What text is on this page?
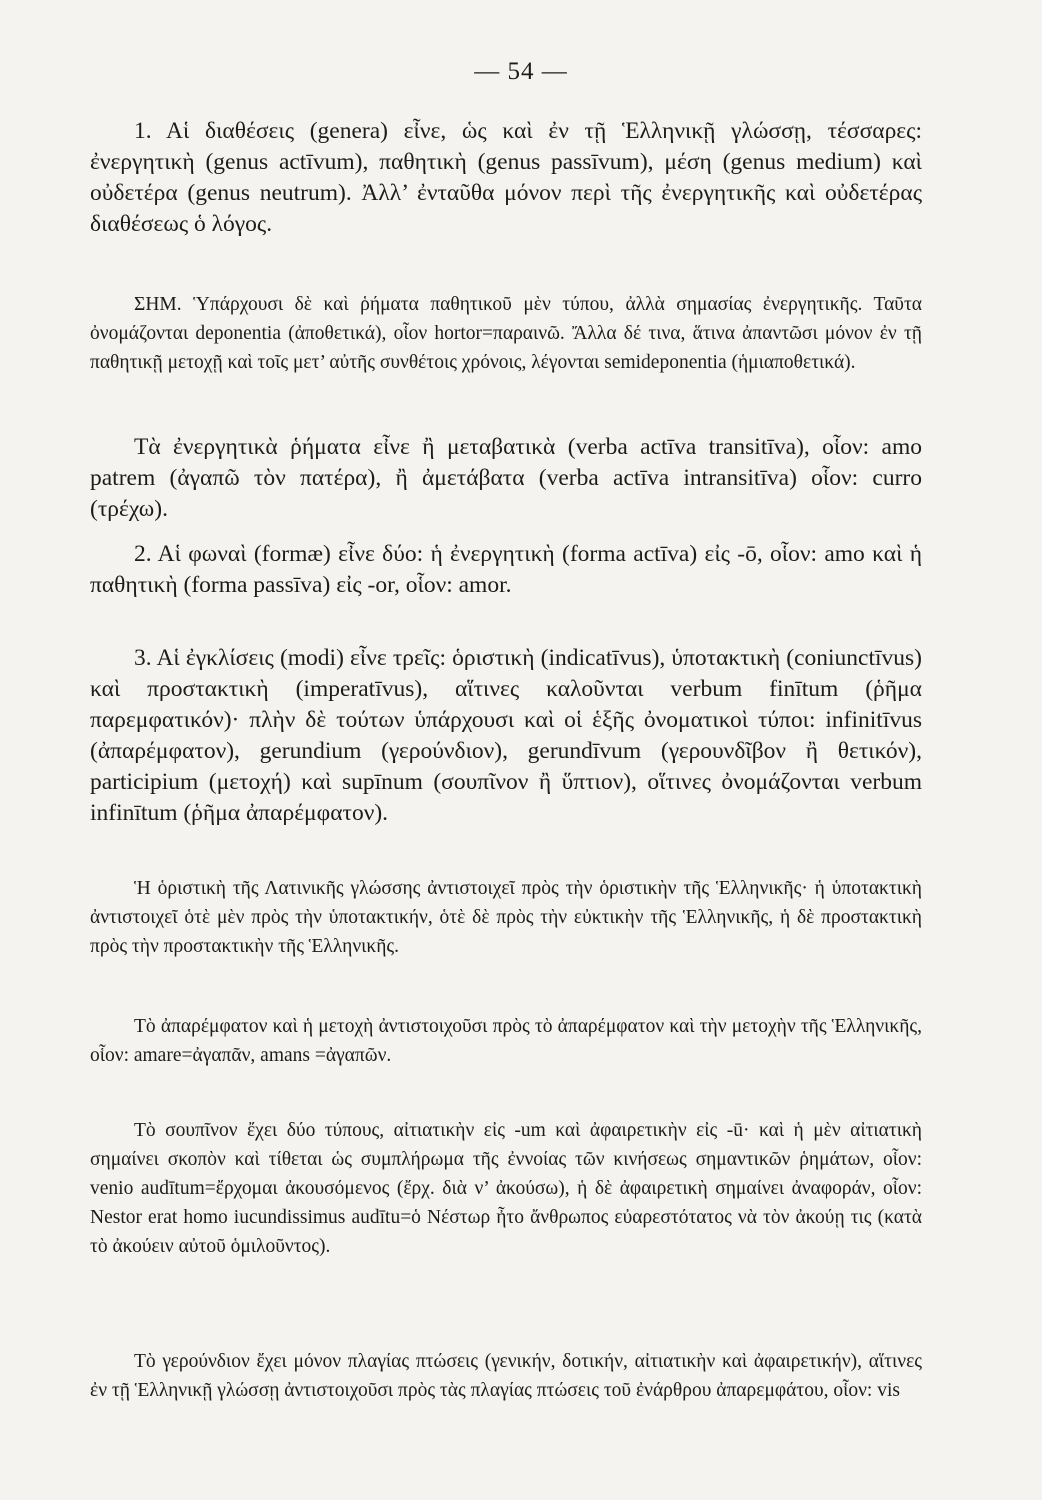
— 54 —

1. Αἱ διαθέσεις (genera) εἶνε, ὡς καὶ ἐν τῇ Ἑλληνικῇ γλώσσῃ, τέσσαρες: ἐνεργητικὴ (genus actīvum), παθητικὴ (genus passīvum), μέση (genus medium) καὶ οὐδετέρα (genus neutrum). Ἀλλ’ ἐνταῦθα μόνον περὶ τῆς ἐνεργητικῆς καὶ οὐδετέρας διαθέσεως ὁ λόγος.

ΣΗΜ. Ὑπάρχουσι δὲ καὶ ῥήματα παθητικοῦ μὲν τύπου, ἀλλὰ σημασίας ἐνεργητικῆς. Ταῦτα ὀνομάζονται deponentia (ἀποθετικά), οἷον hortor=παραινῶ. Ἄλλα δέ τινα, ἅτινα ἀπαντῶσι μόνον ἐν τῇ παθητικῇ μετοχῇ καὶ τοῖς μετ’ αὐτῆς συνθέτοις χρόνοις, λέγονται semideponentia (ἡμιαποθετικά).

Τὰ ἐνεργητικὰ ῥήματα εἶνε ἢ μεταβατικὰ (verba actīva transitīva), οἷον: amo patrem (ἀγαπῶ τὸν πατέρα), ἢ ἀμετάβατα (verba actīva intransitīva) οἷον: curro (τρέχω).

2. Αἱ φωναὶ (formæ) εἶνε δύο: ἡ ἐνεργητικὴ (forma actīva) εἰς -ō, οἷον: amo καὶ ἡ παθητικὴ (forma passīva) εἰς -or, οἷον: amor.

3. Αἱ ἐγκλίσεις (modi) εἶνε τρεῖς: ὁριστικὴ (indicatīvus), ὑποτακτικὴ (coniunctīvus) καὶ προστακτικὴ (imperatīvus), αἵτινες καλοῦνται verbum finītum (ῥῆμα παρεμφατικόν)· πλὴν δὲ τούτων ὑπάρχουσι καὶ οἱ ἑξῆς ὀνοματικοὶ τύποι: infinitīvus (ἀπαρέμφατον), gerundium (γερούνδιον), gerundīvum (γερουνδῖβον ἢ θετικόν), participium (μετοχή) καὶ supīnum (σουπῖνον ἢ ὕπτιον), οἵτινες ὀνομάζονται verbum infinītum (ῥῆμα ἀπαρέμφατον).

Ἡ ὁριστικὴ τῆς Λατινικῆς γλώσσης ἀντιστοιχεῖ πρὸς τὴν ὁριστικὴν τῆς Ἑλληνικῆς· ἡ ὑποτακτικὴ ἀντιστοιχεῖ ὁτὲ μὲν πρὸς τὴν ὑποτακτικήν, ὁτὲ δὲ πρὸς τὴν εὐκτικὴν τῆς Ἑλληνικῆς, ἡ δὲ προστακτικὴ πρὸς τὴν προστακτικὴν τῆς Ἑλληνικῆς.

Τὸ ἀπαρέμφατον καὶ ἡ μετοχὴ ἀντιστοιχοῦσι πρὸς τὸ ἀπαρέμφατον καὶ τὴν μετοχὴν τῆς Ἑλληνικῆς, οἷον: amare=ἀγαπᾶν, amans =ἀγαπῶν.

Τὸ σουπῖνον ἔχει δύο τύπους, αἰτιατικὴν εἰς -um καὶ ἀφαιρετικὴν εἰς -ū· καὶ ἡ μὲν αἰτιατικὴ σημαίνει σκοπὸν καὶ τίθεται ὡς συμπλήρωμα τῆς ἐννοίας τῶν κινήσεως σημαντικῶν ῥημάτων, οἷον: venio audītum=ἔρχομαι ἀκουσόμενος (ἔρχ. διὰ ν’ ἀκούσω), ἡ δὲ ἀφαιρετικὴ σημαίνει ἀναφοράν, οἷον: Nestor erat homo iucundissimus audītu=ὁ Νέστωρ ἦτο ἄνθρωπος εὐαρεστότατος νὰ τὸν ἀκούῃ τις (κατὰ τὸ ἀκούειν αὐτοῦ ὁμιλοῦντος).

Τὸ γερούνδιον ἔχει μόνον πλαγίας πτώσεις (γενικήν, δοτικήν, αἰτιατικὴν καὶ ἀφαιρετικήν), αἵτινες ἐν τῇ Ἑλληνικῇ γλώσσῃ ἀντιστοιχοῦσι πρὸς τὰς πλαγίας πτώσεις τοῦ ἐνάρθρου ἀπαρεμφάτου, οἷον: vis
